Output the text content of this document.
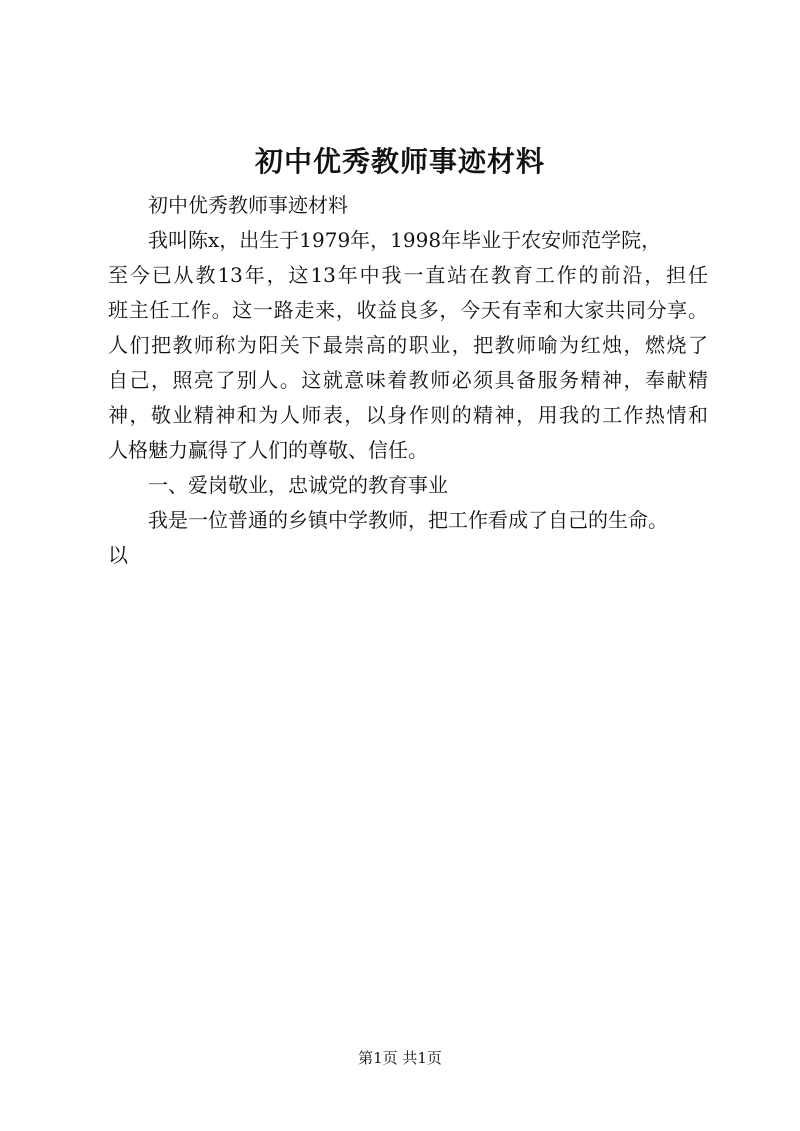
初中优秀教师事迹材料

初中优秀教师事迹材料

我叫陈x，出生于1979年，1998年毕业于农安师范学院，

至今已从教13年，这13年中我一直站在教育工作的前沿，担任

班主任工作。这一路走来，收益良多，今天有幸和大家共同分享。

人们把教师称为阳关下最崇高的职业，把教师喻为红烛，燃烧了

自己，照亮了别人。这就意味着教师必须具备服务精神，奉献精

神，敬业精神和为人师表，以身作则的精神，用我的工作热情和

人格魅力赢得了人们的尊敬、信任。

一、爱岗敬业，忠诚党的教育事业

我是一位普通的乡镇中学教师，把工作看成了自己的生命。

以

第1页 共1页
